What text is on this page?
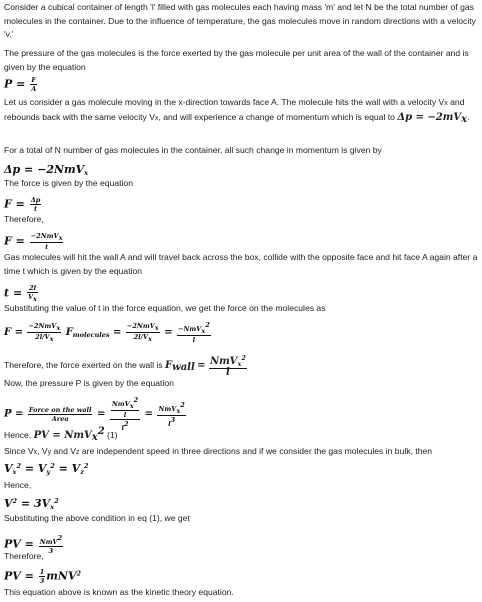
Consider a cubical container of length 'l' filled with gas molecules each having mass 'm' and let N be the total number of gas molecules in the container. Due to the influence of temperature, the gas molecules move in random directions with a velocity 'v.'
The pressure of the gas molecules is the force exerted by the gas molecule per unit area of the wall of the container and is given by the equation
$P = \frac{F}{A}$
Let us consider a gas molecule moving in the x-direction towards face A. The molecule hits the wall with a velocity Vx and rebounds back with the same velocity Vx, and will experience a change of momentum which is equal to Δp = −2mVx.
For a total of N number of gas molecules in the container, all such change in momentum is given by
Δp = −2NmV$_x$
The force is given by the equation
$F = \frac{\Delta p}{t}$
Therefore,
$F = \frac{\text{−2NmVx}}{t}$
Gas molecules will hit the wall A and will travel back across the box, collide with the opposite face and hit face A again after a time t which is given by the equation
$t = \frac{2l}{Vx}$
Substituting the value of t in the force equation, we get the force on the molecules as
$F = \frac{\text{−2NmVx}}{2l/Vx} F_{molecules} = \frac{\text{−2NmVx}}{2l/Vx} = \frac{\text{−NmVx2}}{l}$
Therefore, the force exerted on the wall is Fwall = $\frac{NmV_x^2}{l}$
Now, the pressure P is given by the equation
$P = \frac{\text{Force on the wall}}{\text{Area}} = \frac{\frac{\text{NmVx2}}{l}}{l2} = \frac{\text{NmVx2}}{l3}$
Hence, PV = NmVx2 (1)
Since Vx, Vy and Vz are independent speed in three directions and if we consider the gas molecules in bulk, then
$V_x^2 = V_y^2 = V_z^2$
Hence,
$V^2 = 3V_x^2$
Substituting the above condition in eq (1), we get
PV = $\frac{\text{NmV2}}{3}$
Therefore,
PV = $\frac{1}{3} mNV^2$
This equation above is known as the kinetic theory equation.
